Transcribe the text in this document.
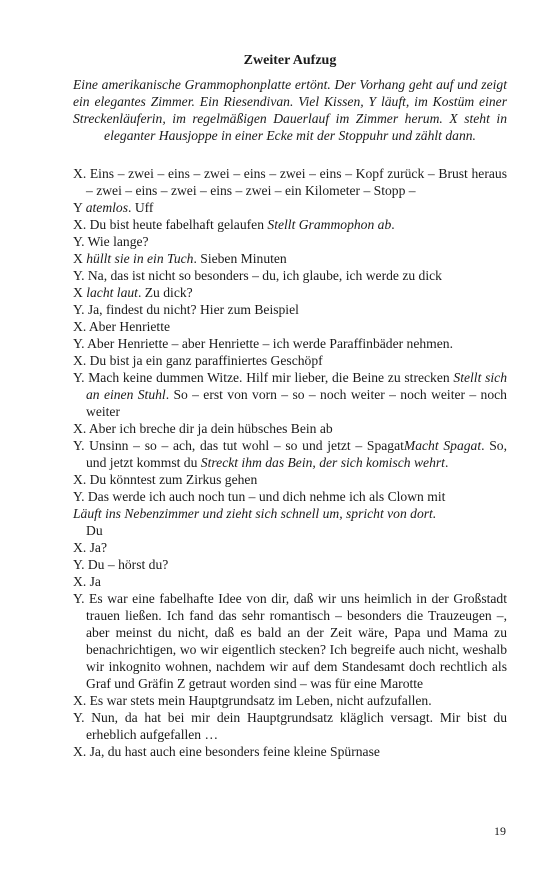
Zweiter Aufzug
Eine amerikanische Grammophonplatte ertönt. Der Vorhang geht auf und zeigt ein elegantes Zimmer. Ein Riesendivan. Viel Kissen, Y läuft, im Kostüm einer Streckenläuferin, im regelmäßigen Dauerlauf im Zimmer herum. X steht in eleganter Hausjoppe in einer Ecke mit der Stoppuhr und zählt dann.

X. Eins – zwei – eins – zwei – eins – zwei – eins – Kopf zurück – Brust heraus – zwei – eins – zwei – eins – zwei – ein Kilometer – Stopp –

Y atemlos. Uff

X. Du bist heute fabelhaft gelaufen Stellt Grammophon ab.

Y. Wie lange?

X hüllt sie in ein Tuch. Sieben Minuten

Y. Na, das ist nicht so besonders – du, ich glaube, ich werde zu dick

X lacht laut. Zu dick?

Y. Ja, findest du nicht? Hier zum Beispiel

X. Aber Henriette

Y. Aber Henriette – aber Henriette – ich werde Paraffinbäder nehmen.

X. Du bist ja ein ganz paraffiniertes Geschöpf

Y. Mach keine dummen Witze. Hilf mir lieber, die Beine zu strecken Stellt sich an einen Stuhl. So – erst von vorn – so – noch weiter – noch weiter – noch weiter

X. Aber ich breche dir ja dein hübsches Bein ab

Y. Unsinn – so – ach, das tut wohl – so und jetzt – SpagatMacht Spagat. So, und jetzt kommst du Streckt ihm das Bein, der sich komisch wehrt.

X. Du könntest zum Zirkus gehen

Y. Das werde ich auch noch tun – und dich nehme ich als Clown mit

Läuft ins Nebenzimmer und zieht sich schnell um, spricht von dort.

Du

X. Ja?

Y. Du – hörst du?

X. Ja

Y. Es war eine fabelhafte Idee von dir, daß wir uns heimlich in der Großstadt trauen ließen. Ich fand das sehr romantisch – besonders die Trauzeugen –, aber meinst du nicht, daß es bald an der Zeit wäre, Papa und Mama zu benachrichtigen, wo wir eigentlich stecken? Ich begreife auch nicht, weshalb wir inkognito wohnen, nachdem wir auf dem Standesamt doch rechtlich als Graf und Gräfin Z getraut worden sind – was für eine Marotte

X. Es war stets mein Hauptgrundsatz im Leben, nicht aufzufallen.

Y. Nun, da hat bei mir dein Hauptgrundsatz kläglich versagt. Mir bist du erheblich aufgefallen …

X. Ja, du hast auch eine besonders feine kleine Spürnase

19
